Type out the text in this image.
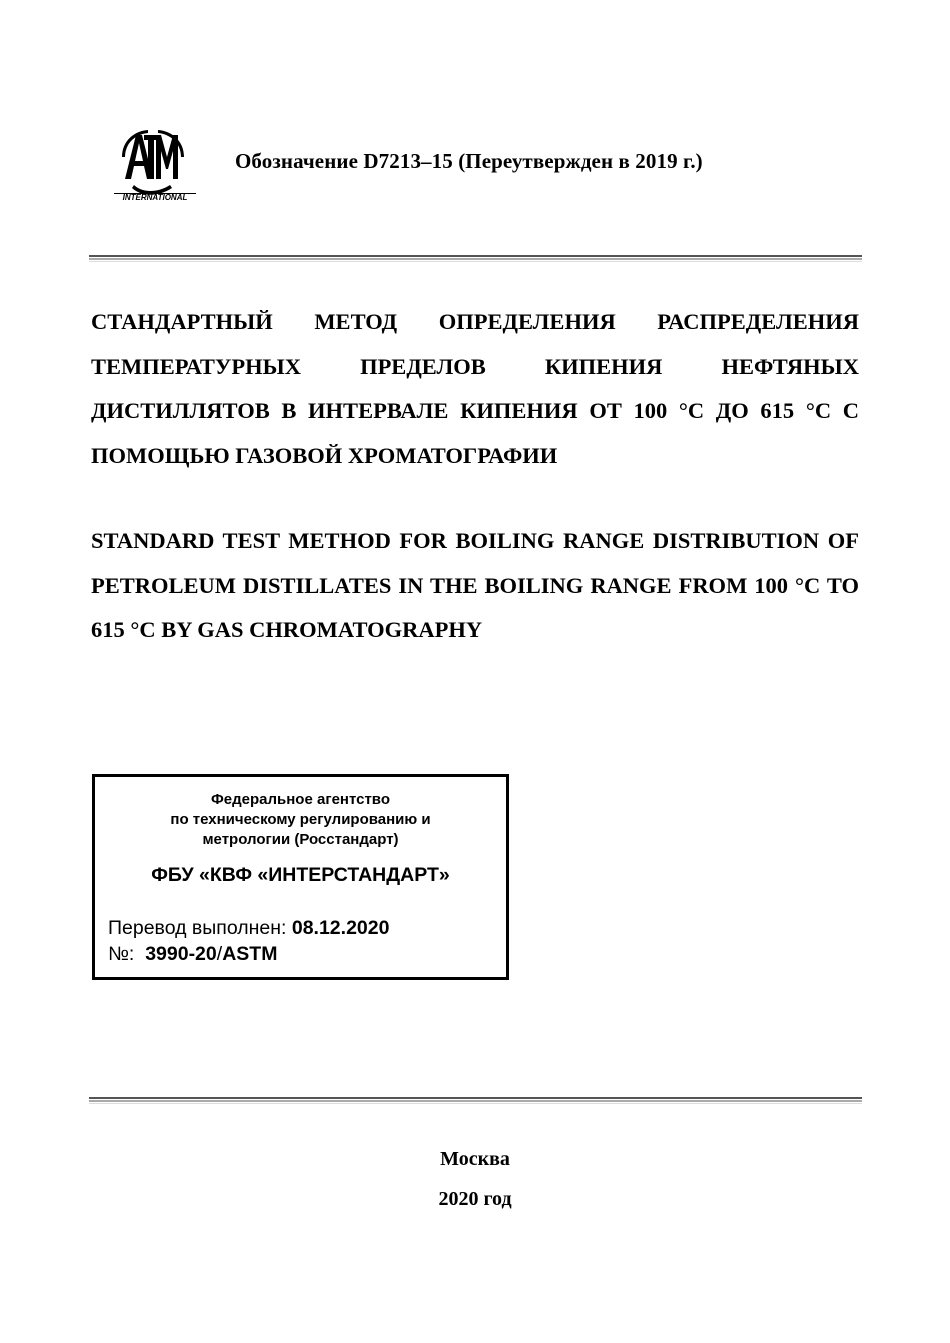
INTERNATIONAL
Обозначение D7213–15 (Переутвержден в 2019 г.)
СТАНДАРТНЫЙ МЕТОД ОПРЕДЕЛЕНИЯ РАСПРЕДЕЛЕНИЯ ТЕМПЕРАТУРНЫХ ПРЕДЕЛОВ КИПЕНИЯ НЕФТЯНЫХ ДИСТИЛЛЯТОВ В ИНТЕРВАЛЕ КИПЕНИЯ ОТ 100 °С ДО 615 °С С ПОМОЩЬЮ ГАЗОВОЙ ХРОМАТОГРАФИИ
STANDARD TEST METHOD FOR BOILING RANGE DISTRIBUTION OF PETROLEUM DISTILLATES IN THE BOILING RANGE FROM 100 °C TO 615 °C BY GAS CHROMATOGRAPHY
Федеральное агентство
по техническому регулированию и
метрологии (Росстандарт)
ФБУ «КВФ «ИНТЕРСТАНДАРТ»
Перевод выполнен: 08.12.2020
№: 3990-20/ASTM
Москва
2020 год
